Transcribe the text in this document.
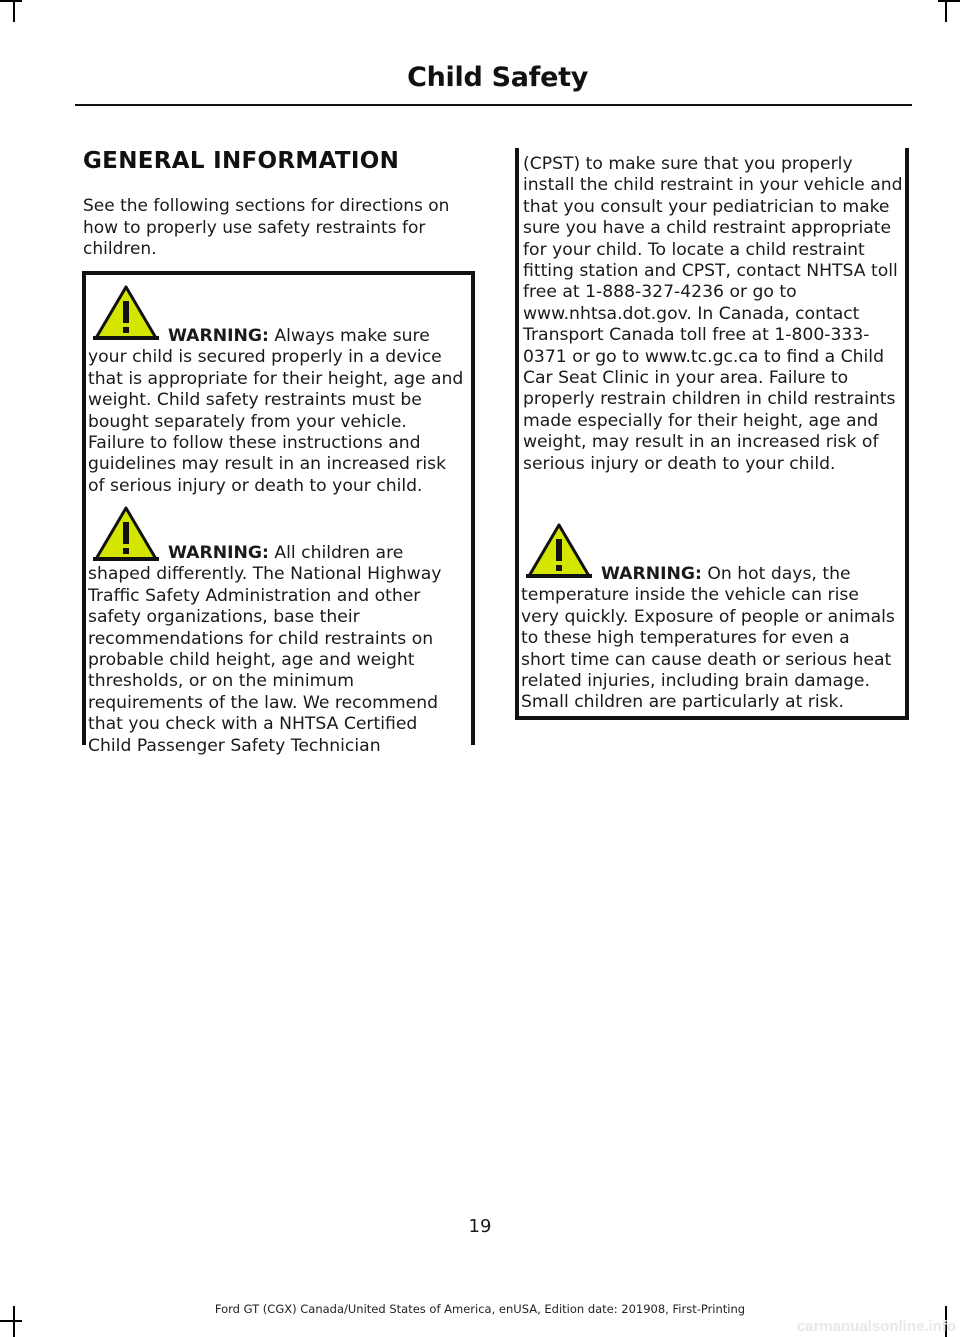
Child Safety
GENERAL INFORMATION

See the following sections for directions on how to properly use safety restraints for children.

WARNING: Always make sure your child is secured properly in a device that is appropriate for their height, age and weight. Child safety restraints must be bought separately from your vehicle. Failure to follow these instructions and guidelines may result in an increased risk of serious injury or death to your child.

WARNING: All children are shaped differently. The National Highway Traffic Safety Administration and other safety organizations, base their recommendations for child restraints on probable child height, age and weight thresholds, or on the minimum requirements of the law. We recommend that you check with a NHTSA Certified Child Passenger Safety Technician

(CPST) to make sure that you properly install the child restraint in your vehicle and that you consult your pediatrician to make sure you have a child restraint appropriate for your child. To locate a child restraint fitting station and CPST, contact NHTSA toll free at 1-888-327-4236 or go to www.nhtsa.dot.gov. In Canada, contact Transport Canada toll free at 1-800-333-0371 or go to www.tc.gc.ca to find a Child Car Seat Clinic in your area. Failure to properly restrain children in child restraints made especially for their height, age and weight, may result in an increased risk of serious injury or death to your child.

WARNING: On hot days, the temperature inside the vehicle can rise very quickly. Exposure of people or animals to these high temperatures for even a short time can cause death or serious heat related injuries, including brain damage. Small children are particularly at risk.

19
Ford GT (CGX) Canada/United States of America, enUSA, Edition date: 201908, First-Printing
carmanualsonline.info
